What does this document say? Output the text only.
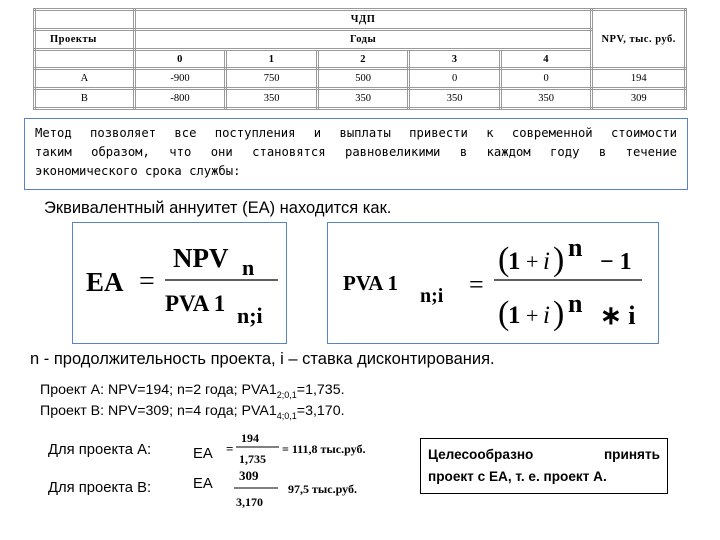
	ЧДП					NPV, тыс. руб.
Проекты	Годы					
	0	1	2	3	4	
A	-900	750	500	0	0	194
B	-800	350	350	350	350	309
Метод позволяет все поступления и выплаты привести к современной стоимости
таким образом, что они становятся равновеликими в каждом году в течение
экономического срока службы:
Эквивалентный аннуитет (ЕА) находится как.
EA =
NPV n
PVA 1 n;i
PVA 1
n;i =
(
1 + i ) n − 1
(
1 + i ) n ∗ i
n - продолжительность проекта, i – ставка дисконтирования.
Проект А: NPV=194; n=2 года; $PVA1_{2;0,1}=1,735$.
Проект В: NPV=309; n=4 года; $PVA1_{4;0,1}=3,170$.
Для проекта А:	ЕА =
194
1,735
= 111,8 тыс.руб.
Для проекта В:	ЕА
309
3,170
97,5 тыс.руб.
Целесообразно	принять
проект с ЕА, т. е. проект А.
